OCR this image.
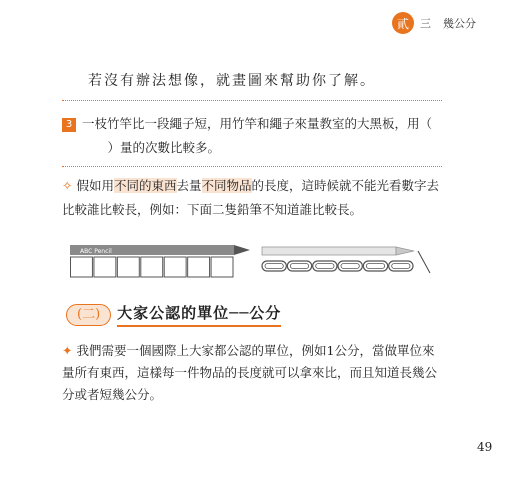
貳	三 幾公分
若沒有辦法想像，就畫圖來幫助你了解。
3 一枝竹竿比一段繩子短，用竹竿和繩子來量教室的大黑板，用（　　　）量的次數比較多。
✧ 假如用不同的東西去量不同物品的長度，這時候就不能光看數字去比較誰比較長，例如：下面二隻鉛筆不知道誰比較長。
ABC Pencil
(二)	大家公認的單位──公分
✦ 我們需要一個國際上大家都公認的單位，例如1公分，當做單位來量所有東西，這樣每一件物品的長度就可以拿來比，而且知道長幾公分或者短幾公分。
49
